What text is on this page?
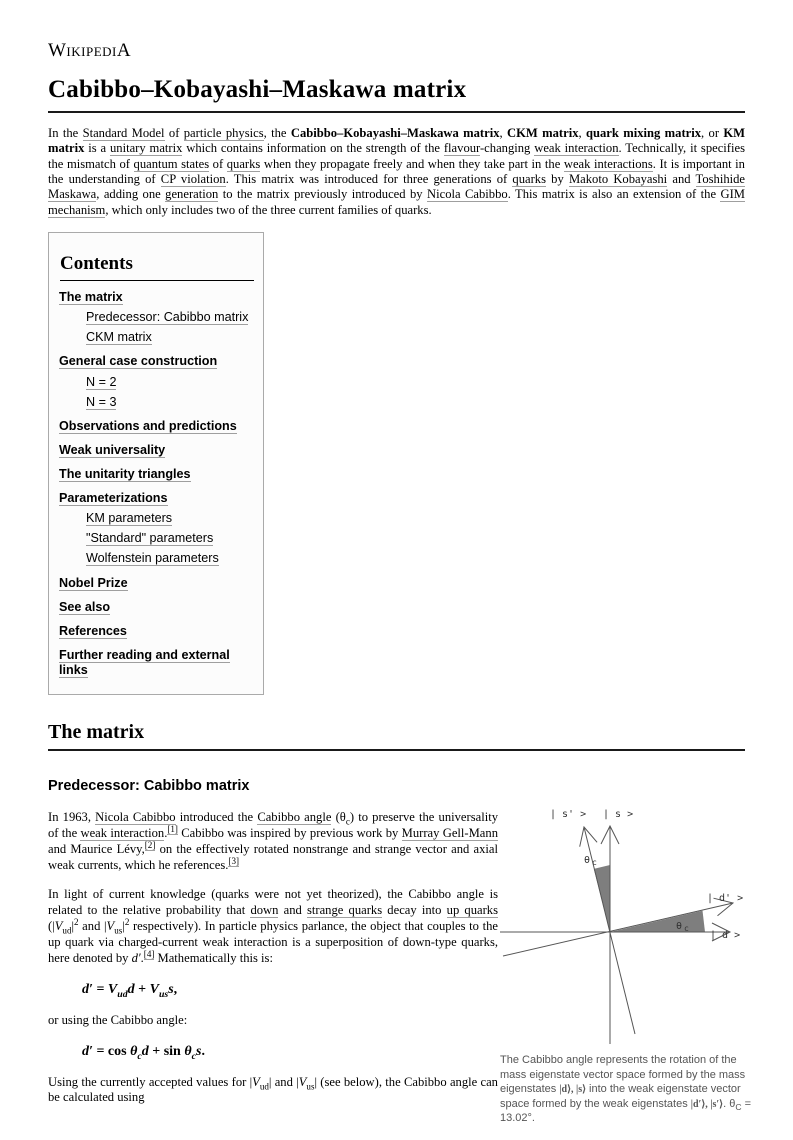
WikipediA
Cabibbo–Kobayashi–Maskawa matrix

In the Standard Model of particle physics, the Cabibbo–Kobayashi–Maskawa matrix, CKM matrix, quark mixing matrix, or KM matrix is a unitary matrix which contains information on the strength of the flavour-changing weak interaction. Technically, it specifies the mismatch of quantum states of quarks when they propagate freely and when they take part in the weak interactions. It is important in the understanding of CP violation. This matrix was introduced for three generations of quarks by Makoto Kobayashi and Toshihide Maskawa, adding one generation to the matrix previously introduced by Nicola Cabibbo. This matrix is also an extension of the GIM mechanism, which only includes two of the three current families of quarks.

Contents
The matrix
Predecessor: Cabibbo matrix
CKM matrix
General case construction
N = 2
N = 3
Observations and predictions
Weak universality
The unitarity triangles
Parameterizations
KM parameters
"Standard" parameters
Wolfenstein parameters
Nobel Prize
See also
References
Further reading and external links
The matrix
Predecessor: Cabibbo matrix

In 1963, Nicola Cabibbo introduced the Cabibbo angle $(\theta_c)$ to preserve the universality of the weak interaction.[1] Cabibbo was inspired by previous work by Murray Gell-Mann and Maurice Lévy,[2] on the effectively rotated nonstrange and strange vector and axial weak currents, which he references.[3]

In light of current knowledge (quarks were not yet theorized), the Cabibbo angle is related to the relative probability that down and strange quarks decay into up quarks ($|V_{ud}|^2$ and $|V_{us}|^2$ respectively). In particle physics parlance, the object that couples to the up quark via charged-current weak interaction is a superposition of down-type quarks, here denoted by d′.[4] Mathematically this is:

$d' = V_{ud}d + V_{us}s$,

or using the Cabibbo angle:

$d' = \cos \theta_cd + \sin \theta_cs$.

Using the currently accepted values for $|V_{ud}|$ and $|V_{us}|$ (see below), the Cabibbo angle can be calculated using

| s' > | s >
θ c
| d' >
θ c
| d >
The Cabibbo angle represents the rotation of the mass eigenstate vector space formed by the mass eigenstates |d⟩, |s⟩ into the weak eigenstate vector space formed by the weak eigenstates |d′⟩, |s′⟩. $\theta_C = 13.02^\circ$.
